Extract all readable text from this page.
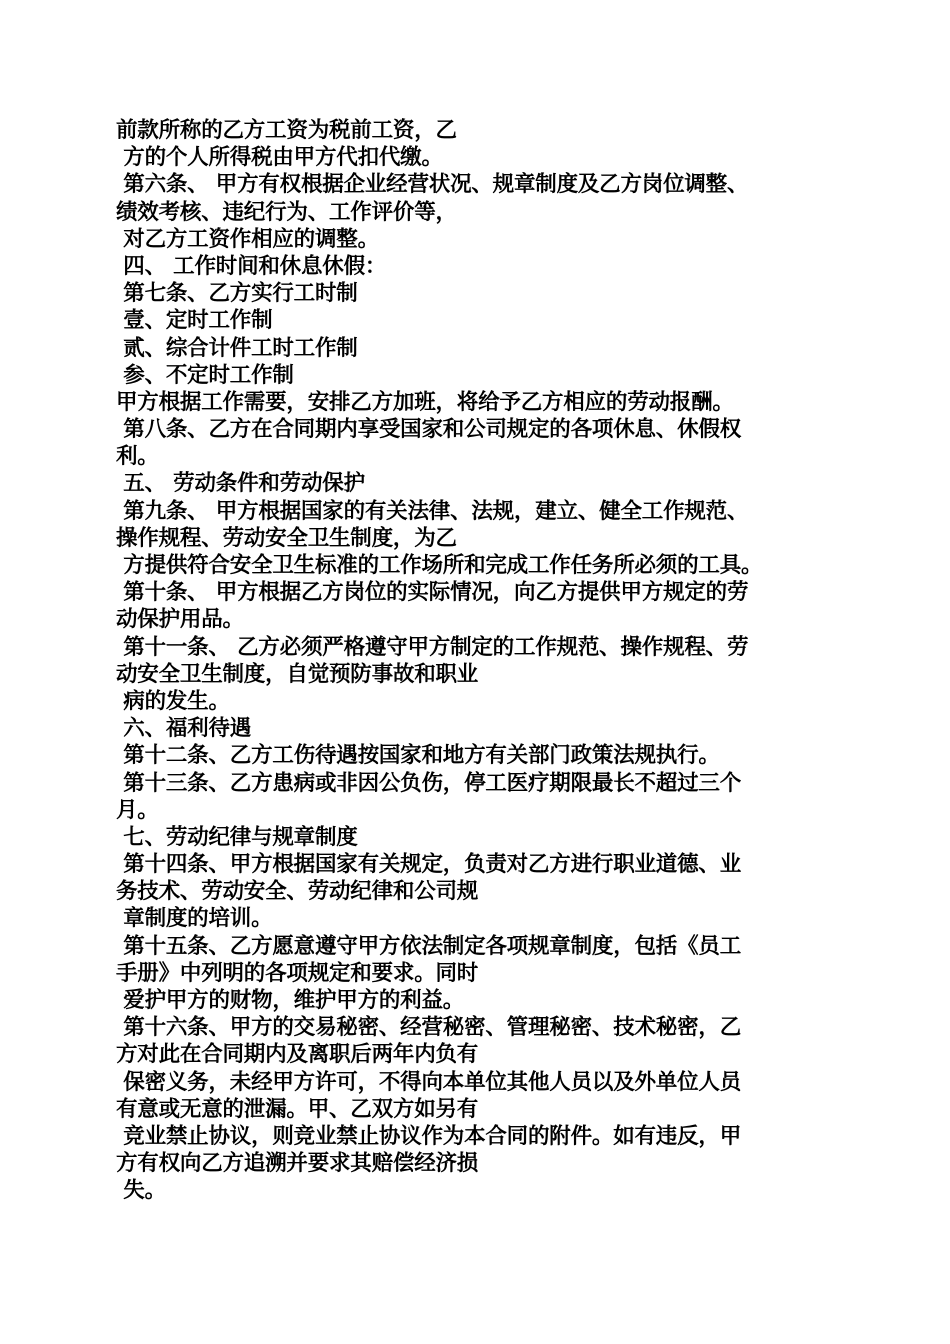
前款所称的乙方工资为税前工资，乙

方的个人所得税由甲方代扣代缴。

第六条、 甲方有权根据企业经营状况、规章制度及乙方岗位调整、

绩效考核、违纪行为、工作评价等，

对乙方工资作相应的调整。

四、 工作时间和休息休假：

第七条、乙方实行工时制

壹、定时工作制

贰、综合计件工时工作制

参、不定时工作制

甲方根据工作需要，安排乙方加班，将给予乙方相应的劳动报酬。

第八条、乙方在合同期内享受国家和公司规定的各项休息、休假权

利。

五、 劳动条件和劳动保护

第九条、 甲方根据国家的有关法律、法规，建立、健全工作规范、

操作规程、劳动安全卫生制度，为乙

方提供符合安全卫生标准的工作场所和完成工作任务所必须的工具。

第十条、 甲方根据乙方岗位的实际情况，向乙方提供甲方规定的劳

动保护用品。

第十一条、 乙方必须严格遵守甲方制定的工作规范、操作规程、劳

动安全卫生制度，自觉预防事故和职业

病的发生。

六、福利待遇

第十二条、乙方工伤待遇按国家和地方有关部门政策法规执行。

第十三条、乙方患病或非因公负伤，停工医疗期限最长不超过三个

月。

七、劳动纪律与规章制度

第十四条、甲方根据国家有关规定，负责对乙方进行职业道德、业

务技术、劳动安全、劳动纪律和公司规

章制度的培训。

第十五条、乙方愿意遵守甲方依法制定各项规章制度，包括《员工

手册》中列明的各项规定和要求。同时

爱护甲方的财物，维护甲方的利益。

第十六条、甲方的交易秘密、经营秘密、管理秘密、技术秘密，乙

方对此在合同期内及离职后两年内负有

保密义务，未经甲方许可，不得向本单位其他人员以及外单位人员

有意或无意的泄漏。甲、乙双方如另有

竞业禁止协议，则竞业禁止协议作为本合同的附件。如有违反，甲

方有权向乙方追溯并要求其赔偿经济损

失。
